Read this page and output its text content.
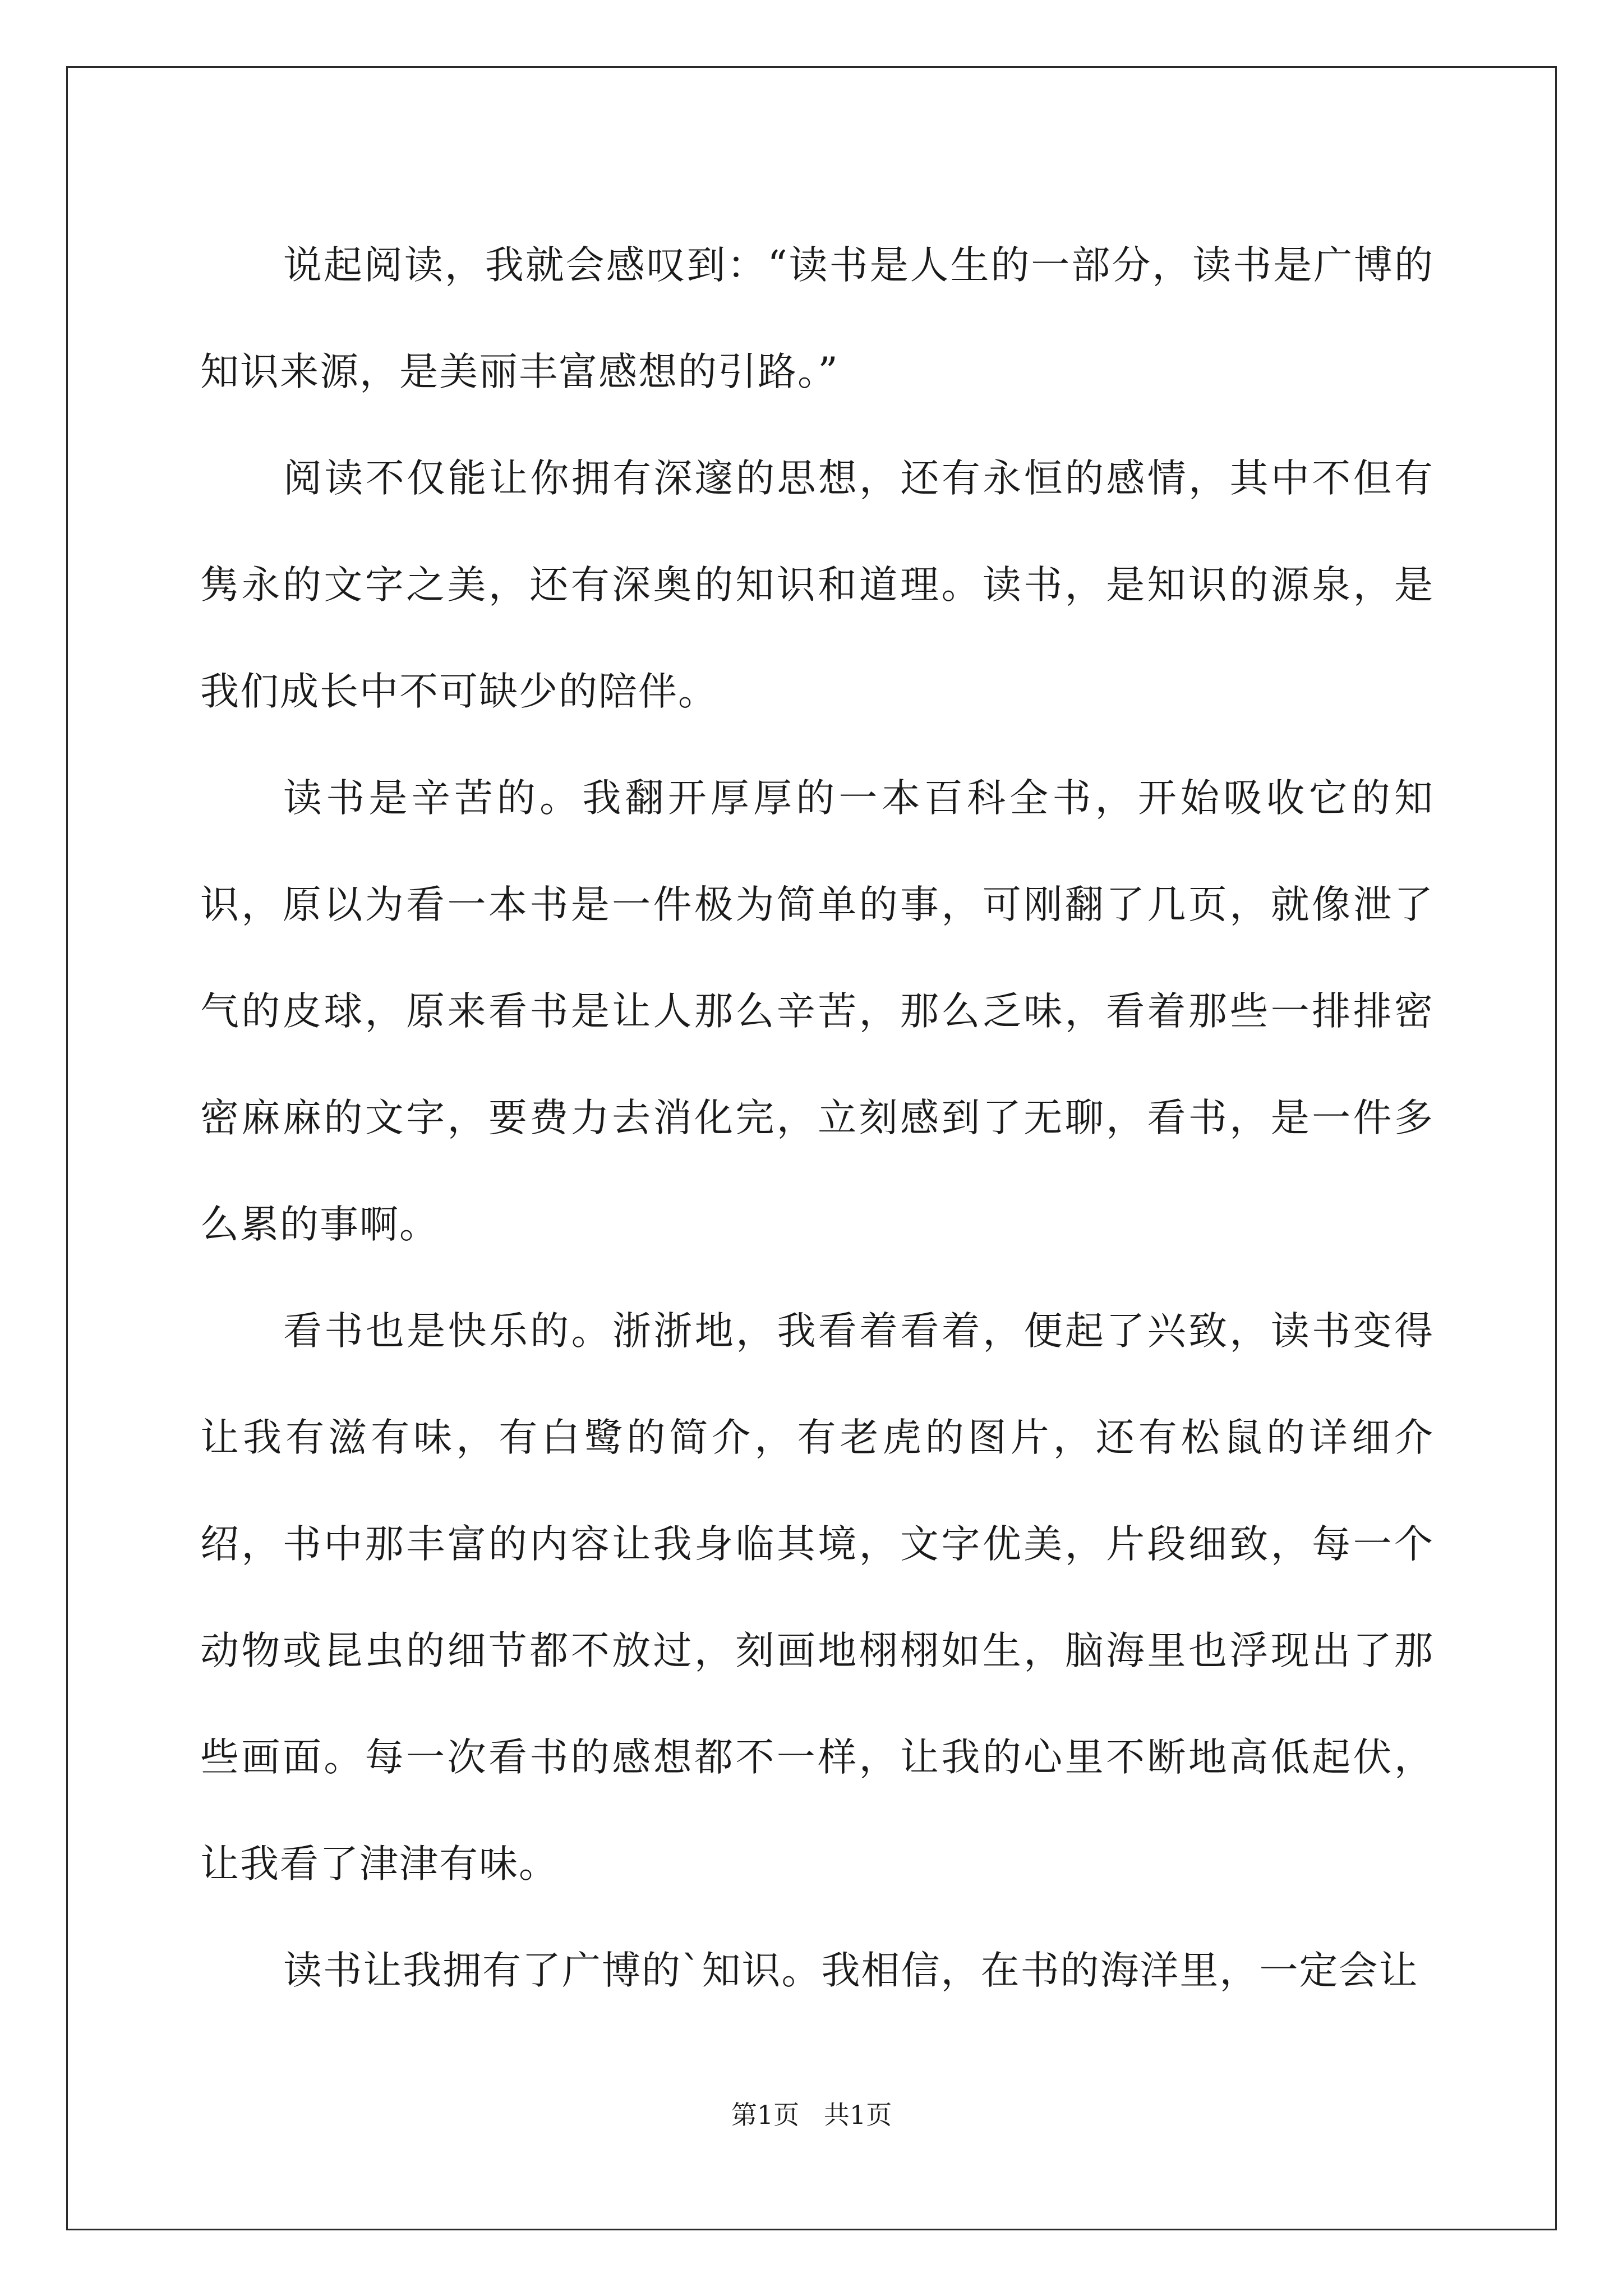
说起阅读，我就会感叹到：“读书是人生的一部分，读书是广博的知识来源，是美丽丰富感想的引路。”

阅读不仅能让你拥有深邃的思想，还有永恒的感情，其中不但有隽永的文字之美，还有深奥的知识和道理。读书，是知识的源泉，是我们成长中不可缺少的陪伴。

读书是辛苦的。我翻开厚厚的一本百科全书，开始吸收它的知识，原以为看一本书是一件极为简单的事，可刚翻了几页，就像泄了气的皮球，原来看书是让人那么辛苦，那么乏味，看着那些一排排密密麻麻的文字，要费力去消化完，立刻感到了无聊，看书，是一件多么累的事啊。

看书也是快乐的。浙浙地，我看着看着，便起了兴致，读书变得让我有滋有味，有白鹭的简介，有老虎的图片，还有松鼠的详细介绍，书中那丰富的内容让我身临其境，文字优美，片段细致，每一个动物或昆虫的细节都不放过，刻画地栩栩如生，脑海里也浮现出了那些画面。每一次看书的感想都不一样，让我的心里不断地高低起伏，让我看了津津有味。

读书让我拥有了广博的`知识。我相信，在书的海洋里，一定会让

第1页   共1页
